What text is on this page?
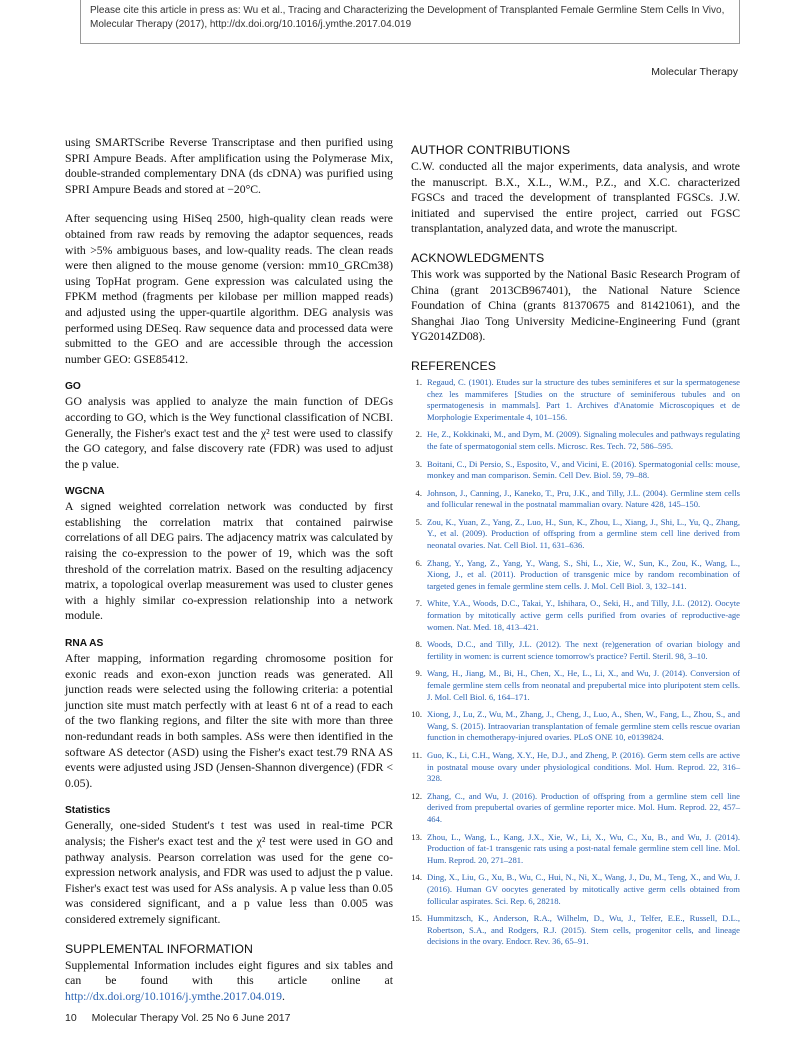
Please cite this article in press as: Wu et al., Tracing and Characterizing the Development of Transplanted Female Germline Stem Cells In Vivo, Molecular Therapy (2017), http://dx.doi.org/10.1016/j.ymthe.2017.04.019
Molecular Therapy

using SMARTScribe Reverse Transcriptase and then purified using SPRI Ampure Beads. After amplification using the Polymerase Mix, double-stranded complementary DNA (ds cDNA) was purified using SPRI Ampure Beads and stored at −20°C.

After sequencing using HiSeq 2500, high-quality clean reads were obtained from raw reads by removing the adaptor sequences, reads with >5% ambiguous bases, and low-quality reads. The clean reads were then aligned to the mouse genome (version: mm10_GRCm38) using TopHat program. Gene expression was calculated using the FPKM method (fragments per kilobase per million mapped reads) and adjusted using the upper-quartile algorithm. DEG analysis was performed using DESeq. Raw sequence data and processed data were submitted to the GEO and are accessible through the accession number GEO: GSE85412.

GO

GO analysis was applied to analyze the main function of DEGs according to GO, which is the Wey functional classification of NCBI. Generally, the Fisher's exact test and the χ² test were used to classify the GO category, and false discovery rate (FDR) was used to adjust the p value.

WGCNA

A signed weighted correlation network was conducted by first establishing the correlation matrix that contained pairwise correlations of all DEG pairs. The adjacency matrix was calculated by raising the co-expression to the power of 19, which was the soft threshold of the correlation matrix. Based on the resulting adjacency matrix, a topological overlap measurement was used to cluster genes with a highly similar co-expression relationship into a network module.

RNA AS

After mapping, information regarding chromosome position for exonic reads and exon-exon junction reads was generated. All junction reads were selected using the following criteria: a potential junction site must match perfectly with at least 6 nt of a read to each of the two flanking regions, and filter the site with more than three non-redundant reads in both samples. ASs were then identified in the software AS detector (ASD) using the Fisher's exact test.79 RNA AS events were adjusted using JSD (Jensen-Shannon divergence) (FDR < 0.05).

Statistics

Generally, one-sided Student's t test was used in real-time PCR analysis; the Fisher's exact test and the χ² test were used in GO and pathway analysis. Pearson correlation was used for the gene co-expression network analysis, and FDR was used to adjust the p value. Fisher's exact test was used for ASs analysis. A p value less than 0.05 was considered significant, and a p value less than 0.005 was considered extremely significant.

SUPPLEMENTAL INFORMATION

Supplemental Information includes eight figures and six tables and can be found with this article online at http://dx.doi.org/10.1016/j.ymthe.2017.04.019.

AUTHOR CONTRIBUTIONS

C.W. conducted all the major experiments, data analysis, and wrote the manuscript. B.X., X.L., W.M., P.Z., and X.C. characterized FGSCs and traced the development of transplanted FGSCs. J.W. initiated and supervised the entire project, carried out FGSC transplantation, analyzed data, and wrote the manuscript.

ACKNOWLEDGMENTS

This work was supported by the National Basic Research Program of China (grant 2013CB967401), the National Nature Science Foundation of China (grants 81370675 and 81421061), and the Shanghai Jiao Tong University Medicine-Engineering Fund (grant YG2014ZD08).

REFERENCES
1. Regaud, C. (1901). Etudes sur la structure des tubes seminiferes et sur la spermatogenese chez les mammiferes [Studies on the structure of seminiferous tubules and on spermatogenesis in mammals]. Part 1. Archives d'Anatomie Microscopiques et de Morphologie Experimentale 4, 101–156.
2. He, Z., Kokkinaki, M., and Dym, M. (2009). Signaling molecules and pathways regulating the fate of spermatogonial stem cells. Microsc. Res. Tech. 72, 586–595.
3. Boitani, C., Di Persio, S., Esposito, V., and Vicini, E. (2016). Spermatogonial cells: mouse, monkey and man comparison. Semin. Cell Dev. Biol. 59, 79–88.
4. Johnson, J., Canning, J., Kaneko, T., Pru, J.K., and Tilly, J.L. (2004). Germline stem cells and follicular renewal in the postnatal mammalian ovary. Nature 428, 145–150.
5. Zou, K., Yuan, Z., Yang, Z., Luo, H., Sun, K., Zhou, L., Xiang, J., Shi, L., Yu, Q., Zhang, Y., et al. (2009). Production of offspring from a germline stem cell line derived from neonatal ovaries. Nat. Cell Biol. 11, 631–636.
6. Zhang, Y., Yang, Z., Yang, Y., Wang, S., Shi, L., Xie, W., Sun, K., Zou, K., Wang, L., Xiong, J., et al. (2011). Production of transgenic mice by random recombination of targeted genes in female germline stem cells. J. Mol. Cell Biol. 3, 132–141.
7. White, Y.A., Woods, D.C., Takai, Y., Ishihara, O., Seki, H., and Tilly, J.L. (2012). Oocyte formation by mitotically active germ cells purified from ovaries of reproductive-age women. Nat. Med. 18, 413–421.
8. Woods, D.C., and Tilly, J.L. (2012). The next (re)generation of ovarian biology and fertility in women: is current science tomorrow's practice? Fertil. Steril. 98, 3–10.
9. Wang, H., Jiang, M., Bi, H., Chen, X., He, L., Li, X., and Wu, J. (2014). Conversion of female germline stem cells from neonatal and prepubertal mice into pluripotent stem cells. J. Mol. Cell Biol. 6, 164–171.
10. Xiong, J., Lu, Z., Wu, M., Zhang, J., Cheng, J., Luo, A., Shen, W., Fang, L., Zhou, S., and Wang, S. (2015). Intraovarian transplantation of female germline stem cells rescue ovarian function in chemotherapy-injured ovaries. PLoS ONE 10, e0139824.
11. Guo, K., Li, C.H., Wang, X.Y., He, D.J., and Zheng, P. (2016). Germ stem cells are active in postnatal mouse ovary under physiological conditions. Mol. Hum. Reprod. 22, 316–328.
12. Zhang, C., and Wu, J. (2016). Production of offspring from a germline stem cell line derived from prepubertal ovaries of germline reporter mice. Mol. Hum. Reprod. 22, 457–464.
13. Zhou, L., Wang, L., Kang, J.X., Xie, W., Li, X., Wu, C., Xu, B., and Wu, J. (2014). Production of fat-1 transgenic rats using a post-natal female germline stem cell line. Mol. Hum. Reprod. 20, 271–281.
14. Ding, X., Liu, G., Xu, B., Wu, C., Hui, N., Ni, X., Wang, J., Du, M., Teng, X., and Wu, J. (2016). Human GV oocytes generated by mitotically active germ cells obtained from follicular aspirates. Sci. Rep. 6, 28218.
15. Hummitzsch, K., Anderson, R.A., Wilhelm, D., Wu, J., Telfer, E.E., Russell, D.L., Robertson, S.A., and Rodgers, R.J. (2015). Stem cells, progenitor cells, and lineage decisions in the ovary. Endocr. Rev. 36, 65–91.
10 Molecular Therapy Vol. 25 No 6 June 2017
